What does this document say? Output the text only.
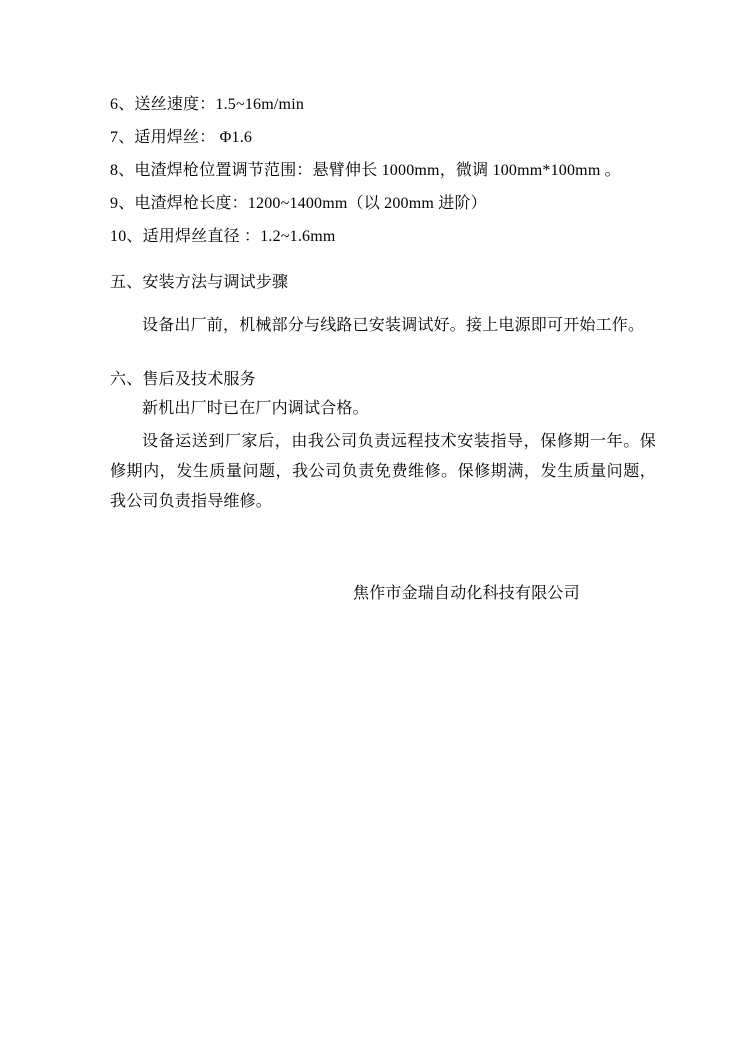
6、送丝速度：1.5~16m/min
7、适用焊丝： Φ1.6
8、电渣焊枪位置调节范围：悬臂伸长 1000mm，微调 100mm*100mm 。
9、电渣焊枪长度：1200~1400mm（以 200mm 进阶）
10、适用焊丝直径 ：1.2~1.6mm
五、安装方法与调试步骤
设备出厂前，机械部分与线路已安装调试好。接上电源即可开始工作。
六、售后及技术服务
新机出厂时已在厂内调试合格。
设备运送到厂家后，由我公司负责远程技术安装指导，保修期一年。保修期内，发生质量问题，我公司负责免费维修。保修期满，发生质量问题，我公司负责指导维修。
焦作市金瑞自动化科技有限公司
